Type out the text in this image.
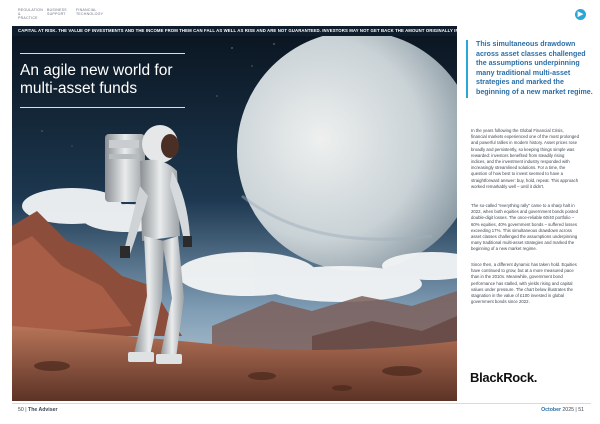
REGULATION & PRACTICE
BUSINESS SUPPORT
FINANCIAL TECHNOLOGY	▶
CAPITAL AT RISK. THE VALUE OF INVESTMENTS AND THE INCOME FROM THEM CAN FALL AS WELL AS RISE AND ARE NOT GUARANTEED. INVESTORS MAY NOT GET BACK THE AMOUNT ORIGINALLY INVESTED.
An agile new world for multi-asset funds

This simultaneous drawdown across asset classes challenged the assumptions underpinning many traditional multi-asset strategies and marked the beginning of a new market regime.

In the years following the Global Financial Crisis, financial markets experienced one of the most prolonged and powerful rallies in modern history. Asset prices rose broadly and persistently, so keeping things simple was rewarded: investors benefited from steadily rising indices, and the investment industry responded with increasingly streamlined solutions. For a time, the question of how best to invest seemed to have a straightforward answer: buy, hold, repeat. This approach worked remarkably well – until it didn't.

The so-called "everything rally" came to a sharp halt in 2022, when both equities and government bonds posted double-digit losses. The once-reliable 60/40 portfolio – 60% equities, 40% government bonds – suffered losses exceeding 17%. This simultaneous drawdown across asset classes challenged the assumptions underpinning many traditional multi-asset strategies and marked the beginning of a new market regime.

Since then, a different dynamic has taken hold. Equities have continued to grow, but at a more measured pace than in the 2010s. Meanwhile, government bond performance has stalled, with yields rising and capital values under pressure. The chart below illustrates the stagnation in the value of £100 invested in global government bonds since 2022.

BlackRock.
50 | The Adviser	October 2025 | 51
